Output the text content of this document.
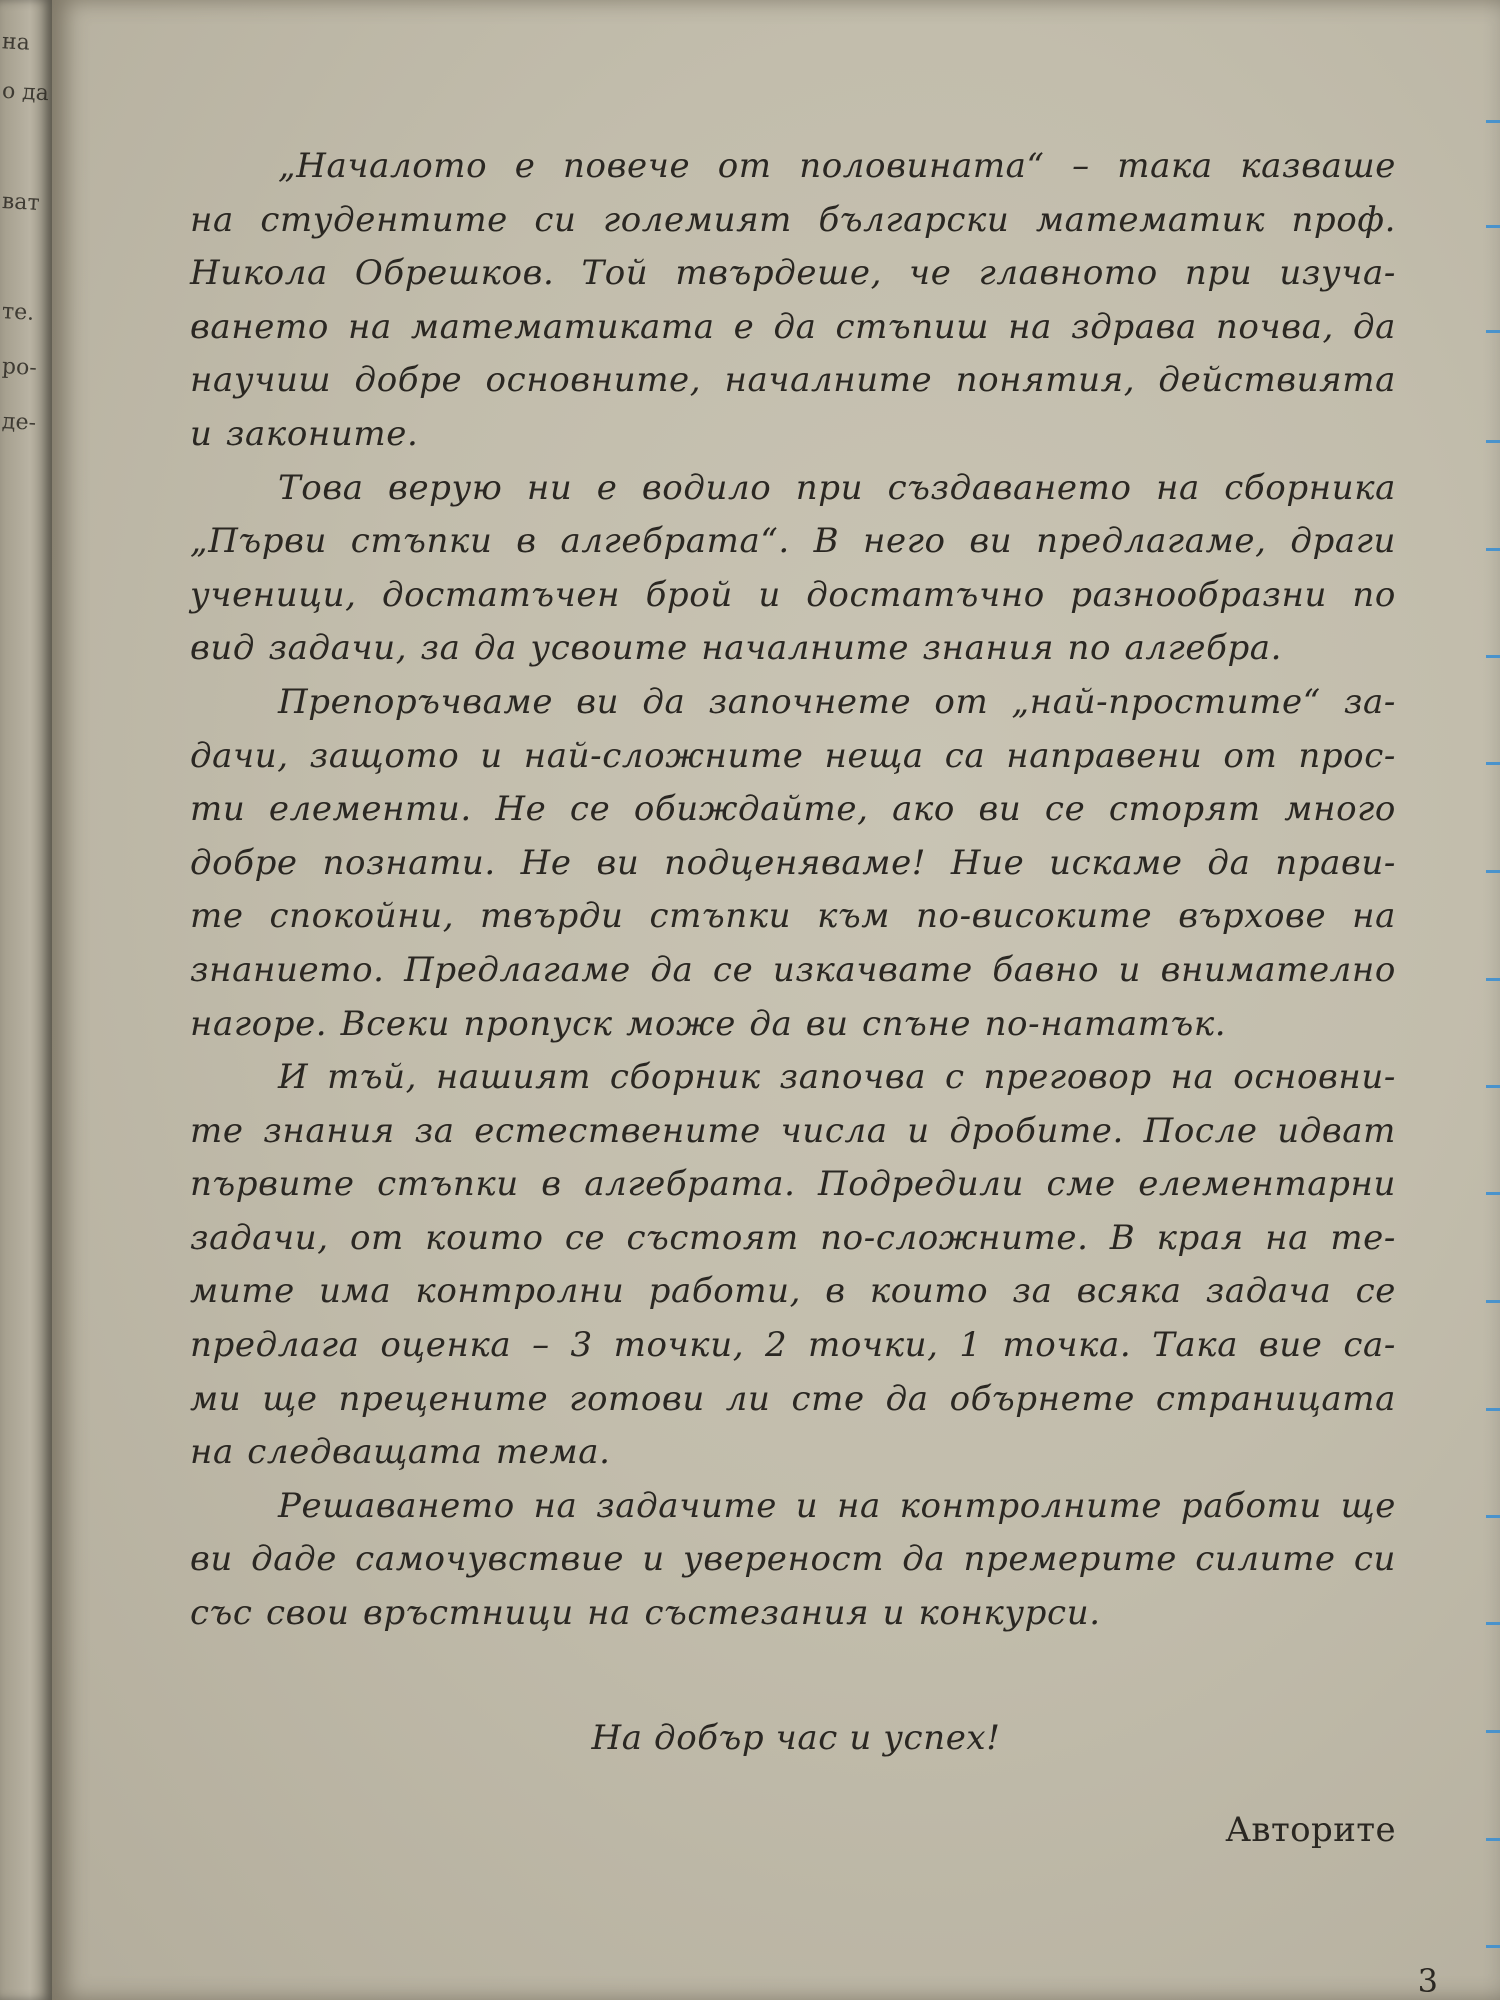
на
о да
ват
те.
ро-
де-
„Началото е повече от половината“ – така казваше
на студентите си големият български математик проф.
Никола Обрешков. Той твърдеше, че главното при изуча-
ването на математиката е да стъпиш на здрава почва, да
научиш добре основните, началните понятия, действията
и законите.
Това верую ни е водило при създаването на сборника
„Първи стъпки в алгебрата“. В него ви предлагаме, драги
ученици, достатъчен брой и достатъчно разнообразни по
вид задачи, за да усвоите началните знания по алгебра.
Препоръчваме ви да започнете от „най-простите“ за-
дачи, защото и най-сложните неща са направени от прос-
ти елементи. Не се обиждайте, ако ви се сторят много
добре познати. Не ви подценяваме! Ние искаме да прави-
те спокойни, твърди стъпки към по-високите върхове на
знанието. Предлагаме да се изкачвате бавно и внимателно
нагоре. Всеки пропуск може да ви спъне по-нататък.
И тъй, нашият сборник започва с преговор на основни-
те знания за естествените числа и дробите. После идват
първите стъпки в алгебрата. Подредили сме елементарни
задачи, от които се състоят по-сложните. В края на те-
мите има контролни работи, в които за всяка задача се
предлага оценка – 3 точки, 2 точки, 1 точка. Така вие са-
ми ще прецените готови ли сте да обърнете страницата
на следващата тема.
Решаването на задачите и на контролните работи ще
ви даде самочувствие и увереност да премерите силите си
със свои връстници на състезания и конкурси.
На добър час и успех!
Авторите
3
